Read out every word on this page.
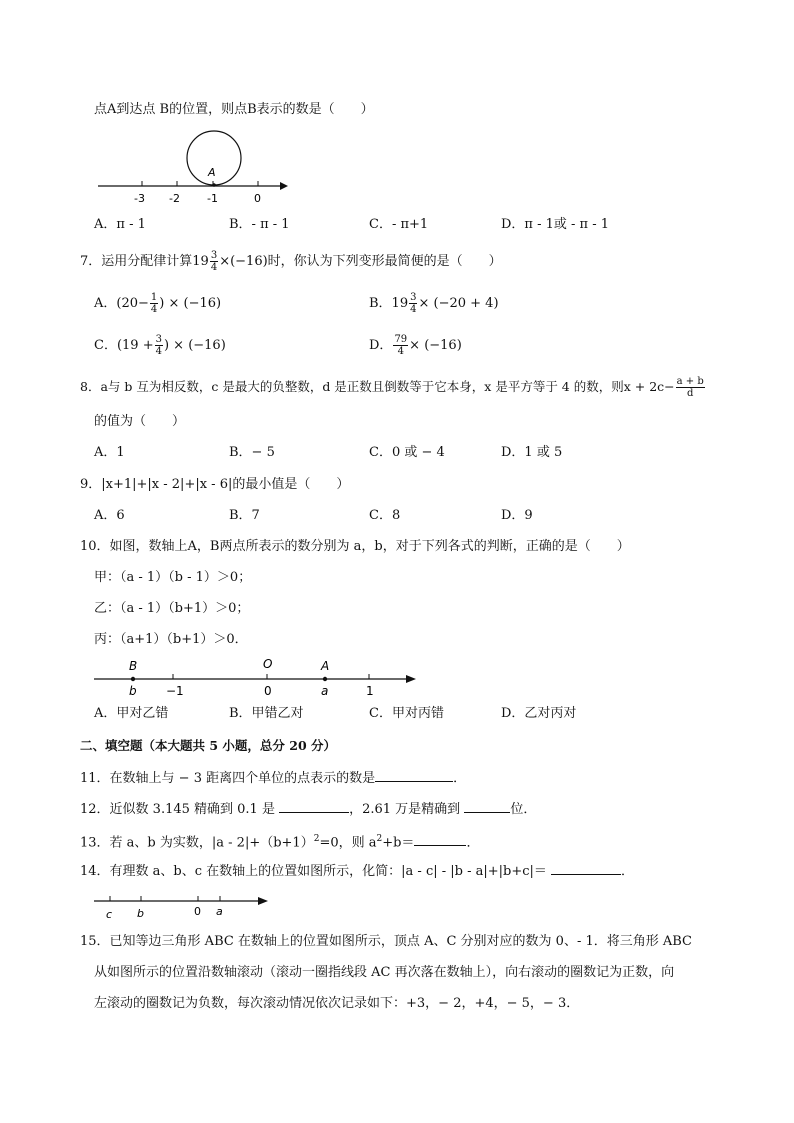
点A到达点 B的位置，则点B表示的数是（　　）
A
-3 -2 -1	0
A．π - 1	B．- π - 1	C．- π+1	D．π - 1或 - π - 1
7．运用分配律计算$19 \frac{3}{4} \times(-16)$时，你认为下列变形最简便的是（　　）
A．($20- \frac{1}{4}$ ) × (−16)	B．$19 \frac{3}{4} \times (-20 + 4)$
C．($19 + \frac{3}{4}$ ) × (−16)	D． $\frac{79}{4} \times (-16)$
8．a与 b 互为相反数，c 是最大的负整数，d 是正数且倒数等于它本身，x 是平方等于 4 的数，则$x + 2c- \frac{a + b}{d}$
的值为（　　）
A．1	B．− 5	C．0 或 − 4	D．1 或 5
9．|x+1|+|x - 2|+|x - 6|的最小值是（　　）
A．6	B．7	C．8	D．9
10．如图，数轴上A，B两点所表示的数分别为 a，b，对于下列各式的判断，正确的是（　　）
甲：（a - 1）（b - 1）＞0；
乙：（a - 1）（b+1）＞0；
丙：（a+1）（b+1）＞0．
B
b −1
O
0
A
a	1
A．甲对乙错	B．甲错乙对	C．甲对丙错	D．乙对丙对
二、填空题（本大题共 5 小题，总分 20 分）
11．在数轴上与 − 3 距离四个单位的点表示的数是	．
12．近似数 3.145 精确到 0.1 是	，2.61 万是精确到	位．
13．若 a、b 为实数，$|a - 2|+(b+1)^2=0$，则 $a^2+b=$	．
14．有理数 a、b、c 在数轴上的位置如图所示，化简：|a - c| - |b - a|+|b+c|＝	．
c b	0 a
15．已知等边三角形 ABC 在数轴上的位置如图所示，顶点 A、C 分别对应的数为 0、- 1．将三角形 ABC
从如图所示的位置沿数轴滚动（滚动一圈指线段 AC 再次落在数轴上），向右滚动的圈数记为正数，向
左滚动的圈数记为负数，每次滚动情况依次记录如下：+3，− 2，+4，− 5，− 3．
